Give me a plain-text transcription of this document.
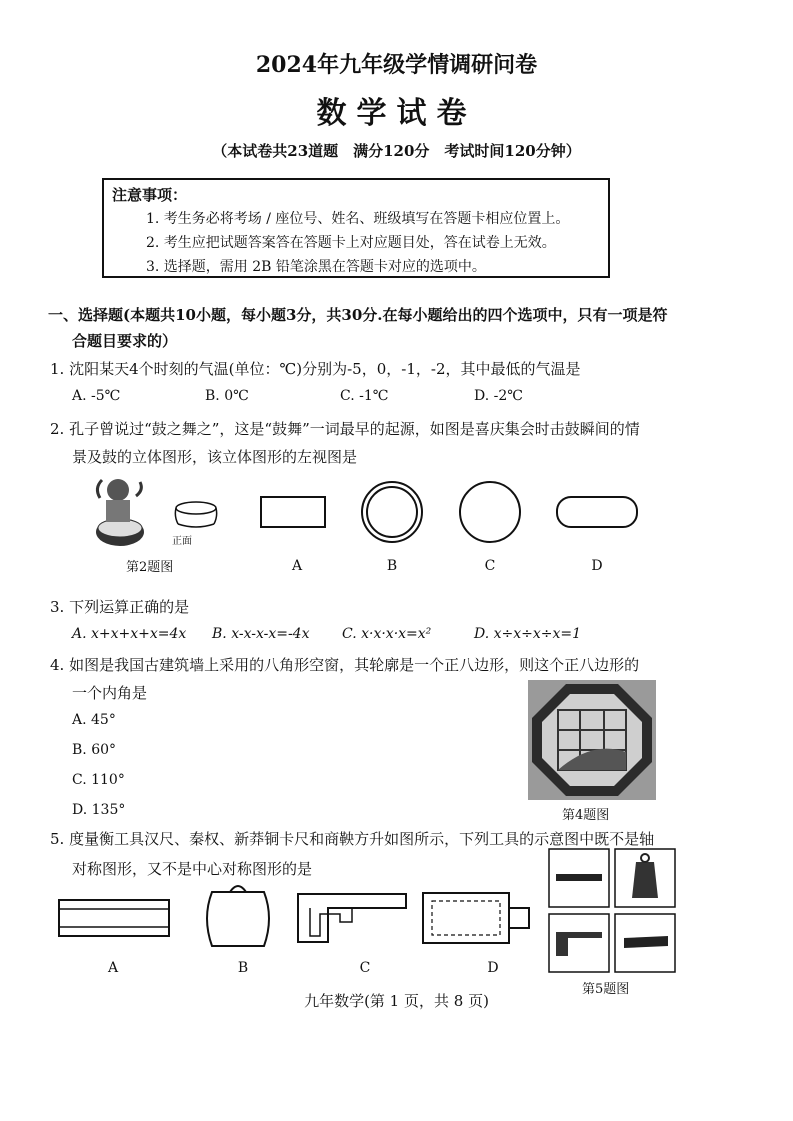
2024年九年级学情调研问卷
数学试卷
（本试卷共23道题　满分120分　考试时间120分钟）
注意事项：
1. 考生务必将考场 / 座位号、姓名、班级填写在答题卡相应位置上。
2. 考生应把试题答案答在答题卡上对应题目处，答在试卷上无效。
3. 选择题，需用 2B 铅笔涂黑在答题卡对应的选项中。
一、选择题(本题共10小题，每小题3分，共30分.在每小题给出的四个选项中，只有一项是符
合题目要求的）
1. 沈阳某天4个时刻的气温(单位：℃)分别为-5，0，-1，-2，其中最低的气温是
A. -5℃	B. 0℃	C. -1℃	D. -2℃
2. 孔子曾说过“鼓之舞之”，这是“鼓舞”一词最早的起源，如图是喜庆集会时击鼓瞬间的情
景及鼓的立体图形，该立体图形的左视图是
正面
第2题图	A	B	C	D
3. 下列运算正确的是
A. x+x+x+x=4x B. x-x-x-x=-4x C. x·x·x·x=x²	D. x÷x÷x÷x=1
4. 如图是我国古建筑墙上采用的八角形空窗，其轮廓是一个正八边形，则这个正八边形的
一个内角是
A. 45°
B. 60°
C. 110°
D. 135°	第4题图
5. 度量衡工具汉尺、秦权、新莽铜卡尺和商鞅方升如图所示，下列工具的示意图中既不是轴
对称图形，又不是中心对称图形的是
A	B	C	D
第5题图
九年数学(第 1 页，共 8 页)
